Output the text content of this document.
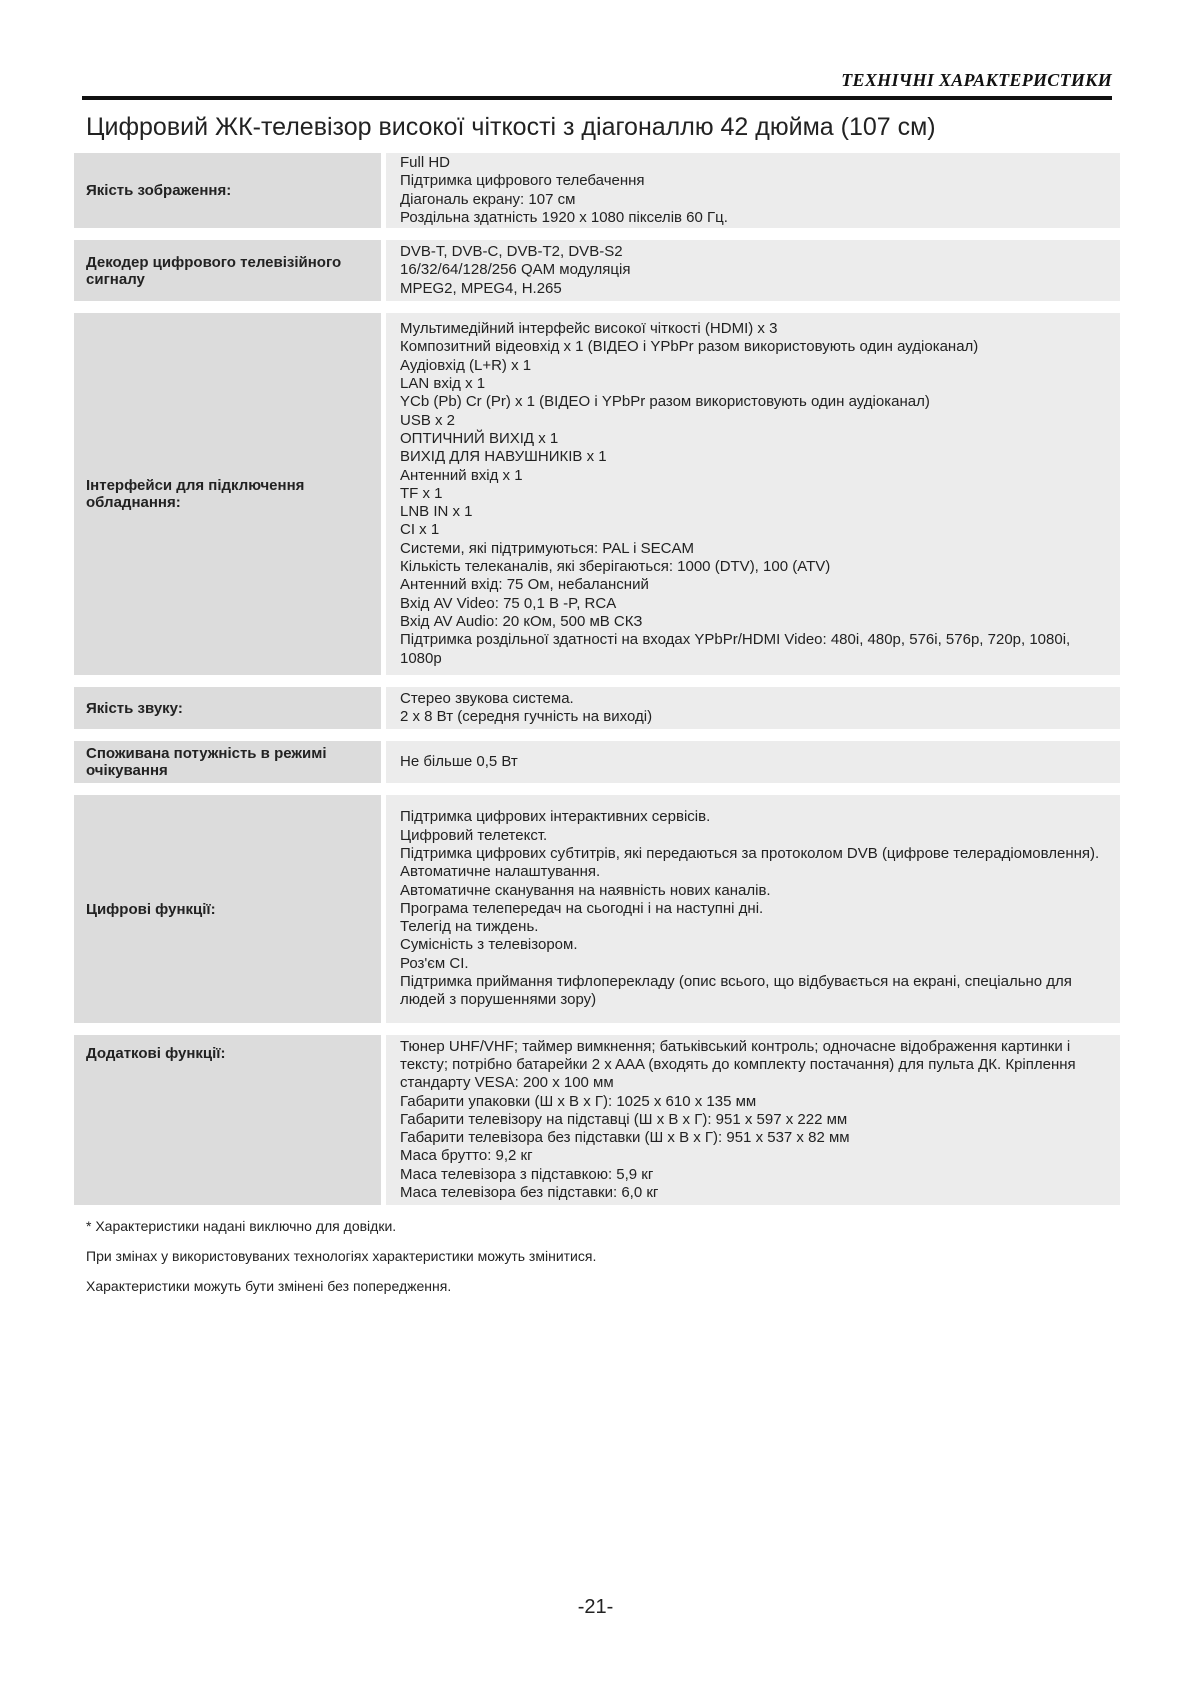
ТЕХНІЧНІ ХАРАКТЕРИСТИКИ
Цифровий ЖК-телевізор високої чіткості з діагоналлю 42 дюйма (107 см)
Якість зображення:
Full HD
Підтримка цифрового телебачення
Діагональ екрану: 107 см
Роздільна здатність 1920 x 1080 пікселів 60 Гц.
Декодер цифрового телевізійного сигналу
DVB-T, DVB-C, DVB-T2, DVB-S2
16/32/64/128/256 QAM модуляція
MPEG2, MPEG4, H.265
Інтерфейси для підключення обладнання:
Мультимедійний інтерфейс високої чіткості (HDMI) x 3
Композитний відеовхід x 1 (ВІДЕО і YPbPr разом використовують один аудіоканал)
Аудіовхід (L+R) x 1
LAN вхід x 1
YCb (Pb) Cr (Pr) x 1 (ВІДЕО і YPbPr разом використовують один аудіоканал)
USB x 2
ОПТИЧНИЙ ВИХІД x 1
ВИХІД ДЛЯ НАВУШНИКІВ x 1
Антенний вхід x 1
TF x 1
LNB IN x 1
CI x 1
Системи, які підтримуються: PAL і SECAM
Кількість телеканалів, які зберігаються: 1000 (DTV), 100 (ATV)
Антенний вхід: 75 Ом, небалансний
Вхід AV Video: 75 0,1 В -P, RCA
Вхід AV Audio: 20 кОм, 500 мВ СКЗ
Підтримка роздільної здатності на входах YPbPr/HDMI Video: 480i, 480p, 576i, 576p, 720p, 1080i, 1080p
Якість звуку:
Стерео звукова система.
2 x 8 Вт (середня гучність на виході)
Споживана потужність в режимі очікування
Не більше 0,5 Вт
Цифрові функції:
Підтримка цифрових інтерактивних сервісів.
Цифровий телетекст.
Підтримка цифрових субтитрів, які передаються за протоколом DVB (цифрове телерадіомовлення).
Автоматичне налаштування.
Автоматичне сканування на наявність нових каналів.
Програма телепередач на сьогодні і на наступні дні.
Телегід на тиждень.
Сумісність з телевізором.
Роз'єм CI.
Підтримка приймання тифлоперекладу (опис всього, що відбувається на екрані, спеціально для людей з порушеннями зору)
Додаткові функції:	Тюнер UHF/VHF; таймер вимкнення; батьківський контроль; одночасне відображення картинки і тексту; потрібно батарейки 2 x AAA (входять до комплекту постачання) для пульта ДК. Кріплення стандарту VESA: 200 x 100 мм
Габарити упаковки (Ш x В x Г): 1025 x 610 x 135 мм
Габарити телевізору на підставці (Ш x В x Г): 951 x 597 x 222 мм
Габарити телевізора без підставки (Ш x В x Г): 951 x 537 x 82 мм
Маса брутто: 9,2 кг
Маса телевізора з підставкою: 5,9 кг
Маса телевізора без підставки: 6,0 кг

* Характеристики надані виключно для довідки.

При змінах у використовуваних технологіях характеристики можуть змінитися.

Характеристики можуть бути змінені без попередження.

-21-
